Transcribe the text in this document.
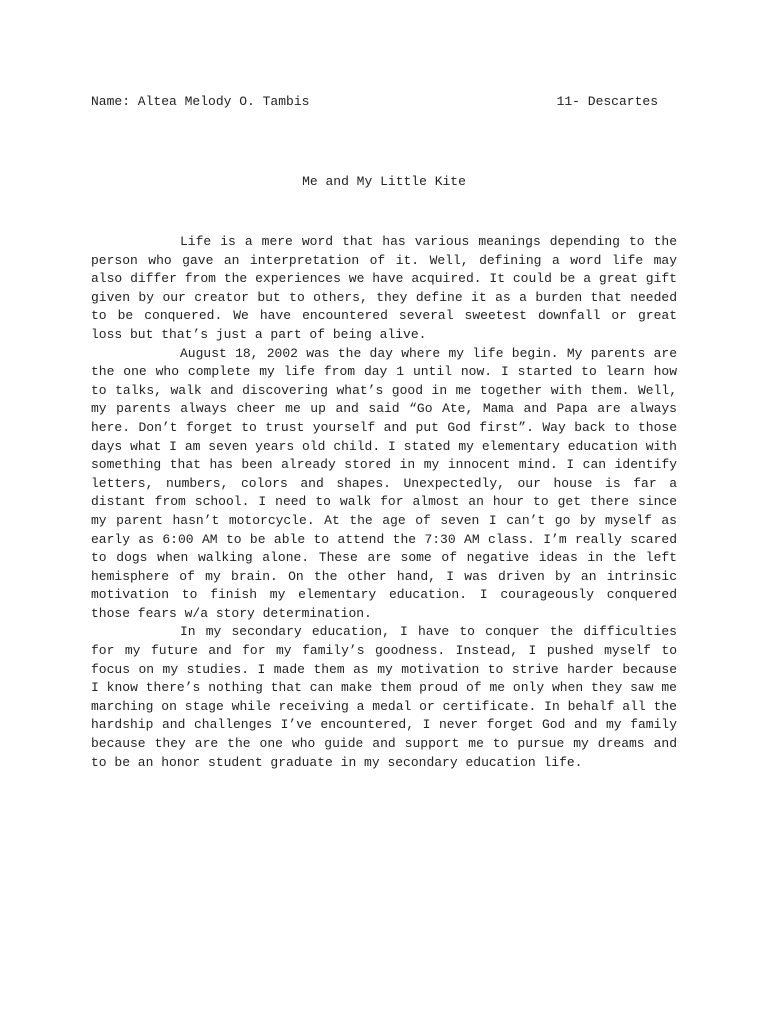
Name: Altea Melody O. Tambis	11- Descartes
Me and My Little Kite

Life is a mere word that has various meanings depending to the person who gave an interpretation of it. Well, defining a word life may also differ from the experiences we have acquired. It could be a great gift given by our creator but to others, they define it as a burden that needed to be conquered. We have encountered several sweetest downfall or great loss but that’s just a part of being alive.

August 18, 2002 was the day where my life begin. My parents are the one who complete my life from day 1 until now. I started to learn how to talks, walk and discovering what’s good in me together with them. Well, my parents always cheer me up and said “Go Ate, Mama and Papa are always here. Don’t forget to trust yourself and put God first”. Way back to those days what I am seven years old child. I stated my elementary education with something that has been already stored in my innocent mind. I can identify letters, numbers, colors and shapes. Unexpectedly, our house is far a distant from school. I need to walk for almost an hour to get there since my parent hasn’t motorcycle. At the age of seven I can’t go by myself as early as 6:00 AM to be able to attend the 7:30 AM class. I’m really scared to dogs when walking alone. These are some of negative ideas in the left hemisphere of my brain. On the other hand, I was driven by an intrinsic motivation to finish my elementary education. I courageously conquered those fears w/a story determination.

In my secondary education, I have to conquer the difficulties for my future and for my family’s goodness. Instead, I pushed myself to focus on my studies. I made them as my motivation to strive harder because I know there’s nothing that can make them proud of me only when they saw me marching on stage while receiving a medal or certificate. In behalf all the hardship and challenges I’ve encountered, I never forget God and my family because they are the one who guide and support me to pursue my dreams and to be an honor student graduate in my secondary education life.
